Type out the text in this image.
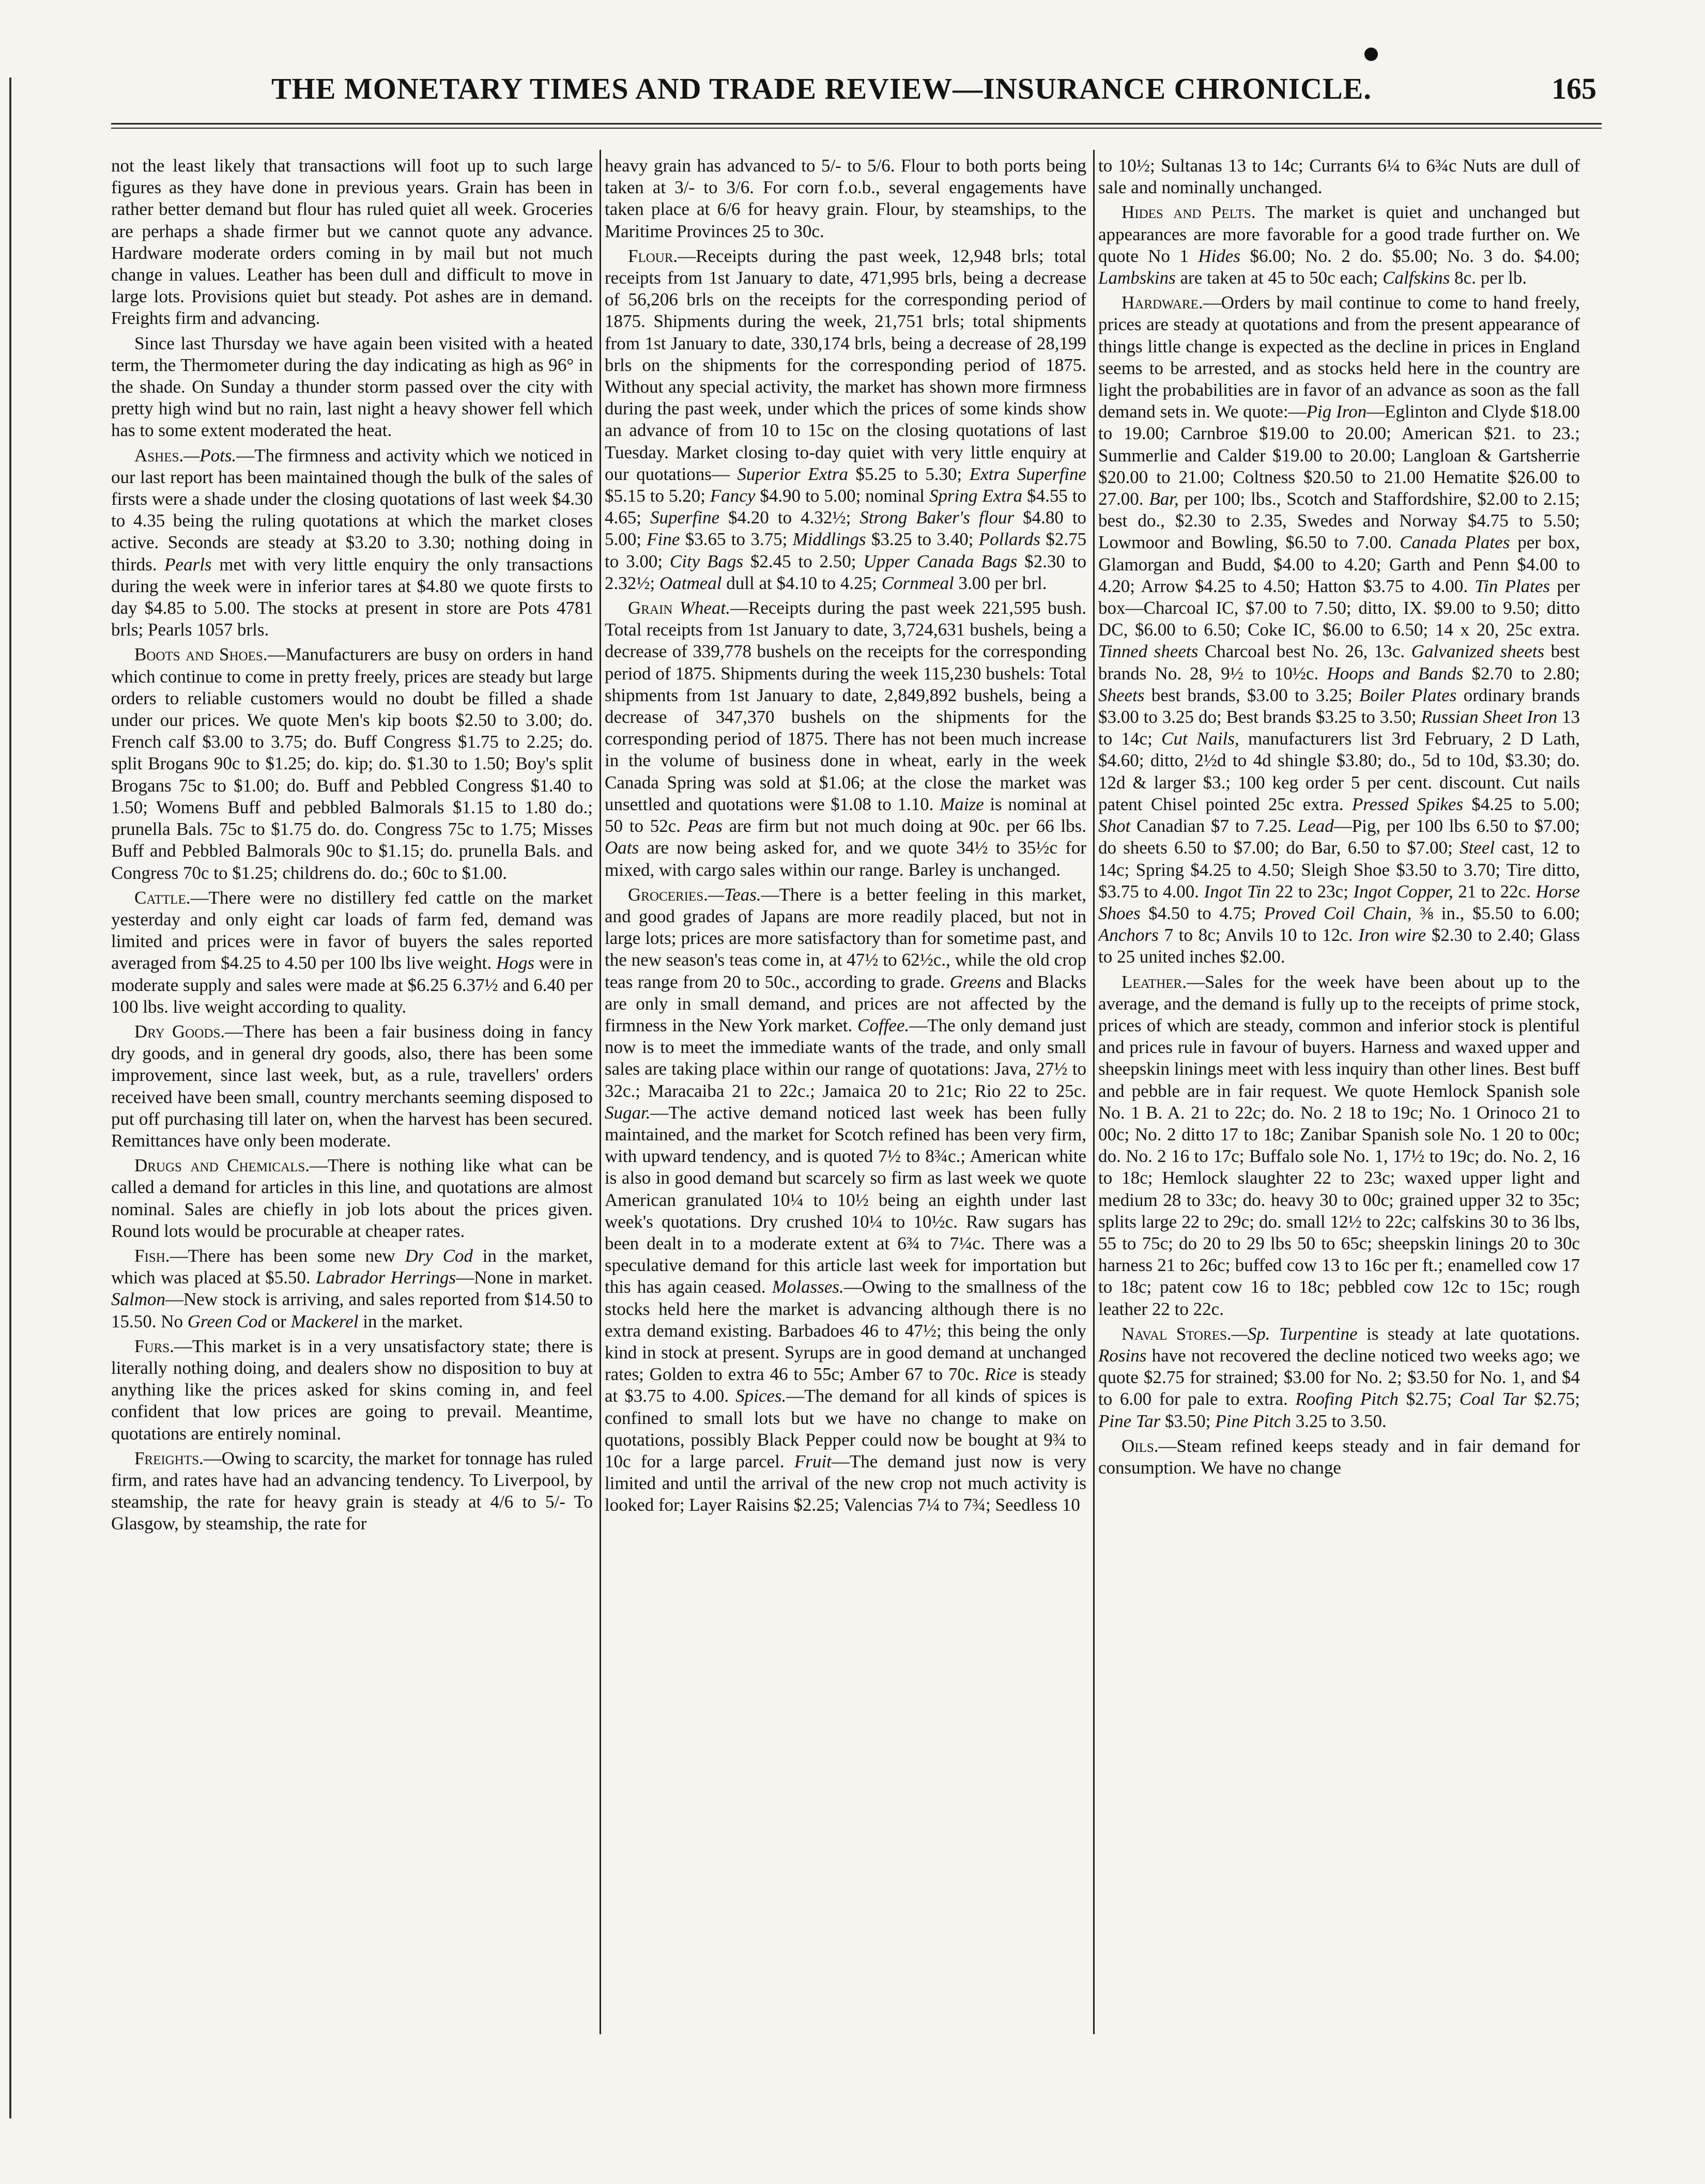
THE MONETARY TIMES AND TRADE REVIEW—INSURANCE CHRONICLE.	165

not the least likely that transactions will foot up to such large figures as they have done in previous years. Grain has been in rather better demand but flour has ruled quiet all week. Groceries are perhaps a shade firmer but we cannot quote any advance. Hardware moderate orders coming in by mail but not much change in values. Leather has been dull and difficult to move in large lots. Provisions quiet but steady. Pot ashes are in demand. Freights firm and advancing.

Since last Thursday we have again been visited with a heated term, the Thermometer during the day indicating as high as 96° in the shade. On Sunday a thunder storm passed over the city with pretty high wind but no rain, last night a heavy shower fell which has to some extent moderated the heat.

Ashes.—Pots.—The firmness and activity which we noticed in our last report has been maintained though the bulk of the sales of firsts were a shade under the closing quotations of last week $4.30 to 4.35 being the ruling quotations at which the market closes active. Seconds are steady at $3.20 to 3.30; nothing doing in thirds. Pearls met with very little enquiry the only transactions during the week were in inferior tares at $4.80 we quote firsts to day $4.85 to 5.00. The stocks at present in store are Pots 4781 brls; Pearls 1057 brls.

Boots and Shoes.—Manufacturers are busy on orders in hand which continue to come in pretty freely, prices are steady but large orders to reliable customers would no doubt be filled a shade under our prices. We quote Men's kip boots $2.50 to 3.00; do. French calf $3.00 to 3.75; do. Buff Congress $1.75 to 2.25; do. split Brogans 90c to $1.25; do. kip; do. $1.30 to 1.50; Boy's split Brogans 75c to $1.00; do. Buff and Pebbled Congress $1.40 to 1.50; Womens Buff and pebbled Balmorals $1.15 to 1.80 do.; prunella Bals. 75c to $1.75 do. do. Congress 75c to 1.75; Misses Buff and Pebbled Balmorals 90c to $1.15; do. prunella Bals. and Congress 70c to $1.25; childrens do. do.; 60c to $1.00.

Cattle.—There were no distillery fed cattle on the market yesterday and only eight car loads of farm fed, demand was limited and prices were in favor of buyers the sales reported averaged from $4.25 to 4.50 per 100 lbs live weight. Hogs were in moderate supply and sales were made at $6.25 6.37½ and 6.40 per 100 lbs. live weight according to quality.

Dry Goods.—There has been a fair business doing in fancy dry goods, and in general dry goods, also, there has been some improvement, since last week, but, as a rule, travellers' orders received have been small, country merchants seeming disposed to put off purchasing till later on, when the harvest has been secured. Remittances have only been moderate.

Drugs and Chemicals.—There is nothing like what can be called a demand for articles in this line, and quotations are almost nominal. Sales are chiefly in job lots about the prices given. Round lots would be procurable at cheaper rates.

Fish.—There has been some new Dry Cod in the market, which was placed at $5.50. Labrador Herrings—None in market. Salmon—New stock is arriving, and sales reported from $14.50 to 15.50. No Green Cod or Mackerel in the market.

Furs.—This market is in a very unsatisfactory state; there is literally nothing doing, and dealers show no disposition to buy at anything like the prices asked for skins coming in, and feel confident that low prices are going to prevail. Meantime, quotations are entirely nominal.

Freights.—Owing to scarcity, the market for tonnage has ruled firm, and rates have had an advancing tendency. To Liverpool, by steamship, the rate for heavy grain is steady at 4/6 to 5/- To Glasgow, by steamship, the rate for

heavy grain has advanced to 5/- to 5/6. Flour to both ports being taken at 3/- to 3/6. For corn f.o.b., several engagements have taken place at 6/6 for heavy grain. Flour, by steamships, to the Maritime Provinces 25 to 30c.

Flour.—Receipts during the past week, 12,948 brls; total receipts from 1st January to date, 471,995 brls, being a decrease of 56,206 brls on the receipts for the corresponding period of 1875. Shipments during the week, 21,751 brls; total shipments from 1st January to date, 330,174 brls, being a decrease of 28,199 brls on the shipments for the corresponding period of 1875. Without any special activity, the market has shown more firmness during the past week, under which the prices of some kinds show an advance of from 10 to 15c on the closing quotations of last Tuesday. Market closing to-day quiet with very little enquiry at our quotations— Superior Extra $5.25 to 5.30; Extra Superfine $5.15 to 5.20; Fancy $4.90 to 5.00; nominal Spring Extra $4.55 to 4.65; Superfine $4.20 to 4.32½; Strong Baker's flour $4.80 to 5.00; Fine $3.65 to 3.75; Middlings $3.25 to 3.40; Pollards $2.75 to 3.00; City Bags $2.45 to 2.50; Upper Canada Bags $2.30 to 2.32½; Oatmeal dull at $4.10 to 4.25; Cornmeal 3.00 per brl.

Grain Wheat.—Receipts during the past week 221,595 bush. Total receipts from 1st January to date, 3,724,631 bushels, being a decrease of 339,778 bushels on the receipts for the corresponding period of 1875. Shipments during the week 115,230 bushels: Total shipments from 1st January to date, 2,849,892 bushels, being a decrease of 347,370 bushels on the shipments for the corresponding period of 1875. There has not been much increase in the volume of business done in wheat, early in the week Canada Spring was sold at $1.06; at the close the market was unsettled and quotations were $1.08 to 1.10. Maize is nominal at 50 to 52c. Peas are firm but not much doing at 90c. per 66 lbs. Oats are now being asked for, and we quote 34½ to 35½c for mixed, with cargo sales within our range. Barley is unchanged.

Groceries.—Teas.—There is a better feeling in this market, and good grades of Japans are more readily placed, but not in large lots; prices are more satisfactory than for sometime past, and the new season's teas come in, at 47½ to 62½c., while the old crop teas range from 20 to 50c., according to grade. Greens and Blacks are only in small demand, and prices are not affected by the firmness in the New York market. Coffee.—The only demand just now is to meet the immediate wants of the trade, and only small sales are taking place within our range of quotations: Java, 27½ to 32c.; Maracaiba 21 to 22c.; Jamaica 20 to 21c; Rio 22 to 25c. Sugar.—The active demand noticed last week has been fully maintained, and the market for Scotch refined has been very firm, with upward tendency, and is quoted 7½ to 8¾c.; American white is also in good demand but scarcely so firm as last week we quote American granulated 10¼ to 10½ being an eighth under last week's quotations. Dry crushed 10¼ to 10½c. Raw sugars has been dealt in to a moderate extent at 6¾ to 7¼c. There was a speculative demand for this article last week for importation but this has again ceased. Molasses.—Owing to the smallness of the stocks held here the market is advancing although there is no extra demand existing. Barbadoes 46 to 47½; this being the only kind in stock at present. Syrups are in good demand at unchanged rates; Golden to extra 46 to 55c; Amber 67 to 70c. Rice is steady at $3.75 to 4.00. Spices.—The demand for all kinds of spices is confined to small lots but we have no change to make on quotations, possibly Black Pepper could now be bought at 9¾ to 10c for a large parcel. Fruit—The demand just now is very limited and until the arrival of the new crop not much activity is looked for; Layer Raisins $2.25; Valencias 7¼ to 7¾; Seedless 10

to 10½; Sultanas 13 to 14c; Currants 6¼ to 6¾c Nuts are dull of sale and nominally unchanged.

Hides and Pelts. The market is quiet and unchanged but appearances are more favorable for a good trade further on. We quote No 1 Hides $6.00; No. 2 do. $5.00; No. 3 do. $4.00; Lambskins are taken at 45 to 50c each; Calfskins 8c. per lb.

Hardware.—Orders by mail continue to come to hand freely, prices are steady at quotations and from the present appearance of things little change is expected as the decline in prices in England seems to be arrested, and as stocks held here in the country are light the probabilities are in favor of an advance as soon as the fall demand sets in. We quote:—Pig Iron—Eglinton and Clyde $18.00 to 19.00; Carnbroe $19.00 to 20.00; American $21. to 23.; Summerlie and Calder $19.00 to 20.00; Langloan & Gartsherrie $20.00 to 21.00; Coltness $20.50 to 21.00 Hematite $26.00 to 27.00. Bar, per 100; lbs., Scotch and Staffordshire, $2.00 to 2.15; best do., $2.30 to 2.35, Swedes and Norway $4.75 to 5.50; Lowmoor and Bowling, $6.50 to 7.00. Canada Plates per box, Glamorgan and Budd, $4.00 to 4.20; Garth and Penn $4.00 to 4.20; Arrow $4.25 to 4.50; Hatton $3.75 to 4.00. Tin Plates per box—Charcoal IC, $7.00 to 7.50; ditto, IX. $9.00 to 9.50; ditto DC, $6.00 to 6.50; Coke IC, $6.00 to 6.50; 14 x 20, 25c extra. Tinned sheets Charcoal best No. 26, 13c. Galvanized sheets best brands No. 28, 9½ to 10½c. Hoops and Bands $2.70 to 2.80; Sheets best brands, $3.00 to 3.25; Boiler Plates ordinary brands $3.00 to 3.25 do; Best brands $3.25 to 3.50; Russian Sheet Iron 13 to 14c; Cut Nails, manufacturers list 3rd February, 2 D Lath, $4.60; ditto, 2½d to 4d shingle $3.80; do., 5d to 10d, $3.30; do. 12d & larger $3.; 100 keg order 5 per cent. discount. Cut nails patent Chisel pointed 25c extra. Pressed Spikes $4.25 to 5.00; Shot Canadian $7 to 7.25. Lead—Pig, per 100 lbs 6.50 to $7.00; do sheets 6.50 to $7.00; do Bar, 6.50 to $7.00; Steel cast, 12 to 14c; Spring $4.25 to 4.50; Sleigh Shoe $3.50 to 3.70; Tire ditto, $3.75 to 4.00. Ingot Tin 22 to 23c; Ingot Copper, 21 to 22c. Horse Shoes $4.50 to 4.75; Proved Coil Chain, ⅜ in., $5.50 to 6.00; Anchors 7 to 8c; Anvils 10 to 12c. Iron wire $2.30 to 2.40; Glass to 25 united inches $2.00.

Leather.—Sales for the week have been about up to the average, and the demand is fully up to the receipts of prime stock, prices of which are steady, common and inferior stock is plentiful and prices rule in favour of buyers. Harness and waxed upper and sheepskin linings meet with less inquiry than other lines. Best buff and pebble are in fair request. We quote Hemlock Spanish sole No. 1 B. A. 21 to 22c; do. No. 2 18 to 19c; No. 1 Orinoco 21 to 00c; No. 2 ditto 17 to 18c; Zanibar Spanish sole No. 1 20 to 00c; do. No. 2 16 to 17c; Buffalo sole No. 1, 17½ to 19c; do. No. 2, 16 to 18c; Hemlock slaughter 22 to 23c; waxed upper light and medium 28 to 33c; do. heavy 30 to 00c; grained upper 32 to 35c; splits large 22 to 29c; do. small 12½ to 22c; calfskins 30 to 36 lbs, 55 to 75c; do 20 to 29 lbs 50 to 65c; sheepskin linings 20 to 30c harness 21 to 26c; buffed cow 13 to 16c per ft.; enamelled cow 17 to 18c; patent cow 16 to 18c; pebbled cow 12c to 15c; rough leather 22 to 22c.

Naval Stores.—Sp. Turpentine is steady at late quotations. Rosins have not recovered the decline noticed two weeks ago; we quote $2.75 for strained; $3.00 for No. 2; $3.50 for No. 1, and $4 to 6.00 for pale to extra. Roofing Pitch $2.75; Coal Tar $2.75; Pine Tar $3.50; Pine Pitch 3.25 to 3.50.

Oils.—Steam refined keeps steady and in fair demand for consumption. We have no change
